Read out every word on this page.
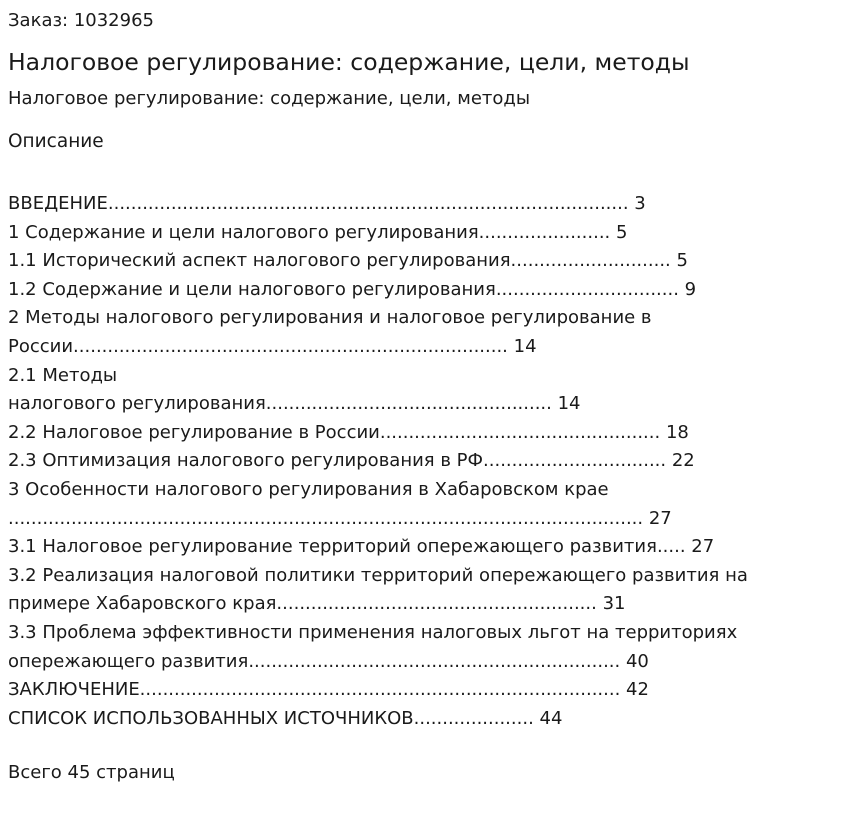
Заказ: 1032965
Налоговое регулирование: содержание, цели, методы
Налоговое регулирование: содержание, цели, методы
Описание
ВВЕДЕНИЕ........................................................................................... 3
1 Содержание и цели налогового регулирования....................... 5
1.1 Исторический аспект налогового регулирования............................ 5
1.2 Содержание и цели налогового регулирования................................ 9
2 Методы налогового регулирования и налоговое регулирование в
России............................................................................ 14
2.1 Методы
налогового регулирования.................................................. 14
2.2 Налоговое регулирование в России................................................. 18
2.3 Оптимизация налогового регулирования в РФ................................ 22
3 Особенности налогового регулирования в Хабаровском крае
............................................................................................................... 27
3.1 Налоговое регулирование территорий опережающего развития..... 27
3.2 Реализация налоговой политики территорий опережающего развития на
примере Хабаровского края........................................................ 31
3.3 Проблема эффективности применения налоговых льгот на территориях
опережающего развития................................................................. 40
ЗАКЛЮЧЕНИЕ.................................................................................... 42
СПИСОК ИСПОЛЬЗОВАННЫХ ИСТОЧНИКОВ..................... 44
Всего 45 страниц
